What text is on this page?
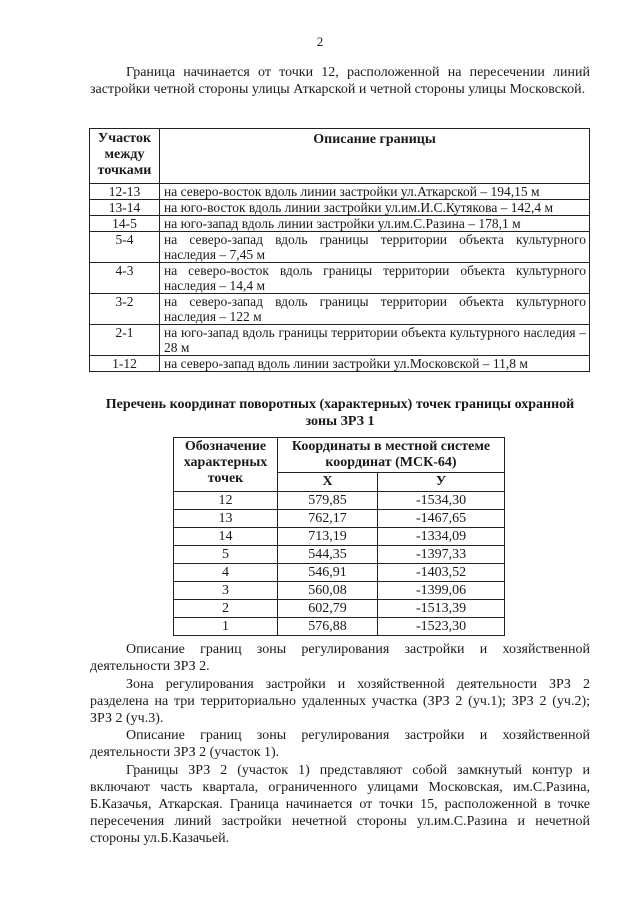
2

Граница начинается от точки 12, расположенной на пересечении линий застройки четной стороны улицы Аткарской и четной стороны улицы Московской.

Участок между точками	Описание границы
12-13	на северо-восток вдоль линии застройки ул.Аткарской – 194,15 м
13-14	на юго-восток вдоль линии застройки ул.им.И.С.Кутякова – 142,4 м
14-5	на юго-запад вдоль линии застройки ул.им.С.Разина – 178,1 м
5-4	на северо-запад вдоль границы территории объекта культурного наследия – 7,45 м
4-3	на северо-восток вдоль границы территории объекта культурного наследия – 14,4 м
3-2	на северо-запад вдоль границы территории объекта культурного наследия – 122 м
2-1	на юго-запад вдоль границы территории объекта культурного наследия – 28 м
1-12	на северо-запад вдоль линии застройки ул.Московской – 11,8 м
Перечень координат поворотных (характерных) точек границы охранной зоны ЗРЗ 1
Обозначение характерных точек	Координаты в местной системе координат (МСК-64)	
	Х	У
12	579,85	-1534,30
13	762,17	-1467,65
14	713,19	-1334,09
5	544,35	-1397,33
4	546,91	-1403,52
3	560,08	-1399,06
2	602,79	-1513,39
1	576,88	-1523,30

Описание границ зоны регулирования застройки и хозяйственной деятельности ЗРЗ 2.

Зона регулирования застройки и хозяйственной деятельности ЗРЗ 2 разделена на три территориально удаленных участка (ЗРЗ 2 (уч.1); ЗРЗ 2 (уч.2); ЗРЗ 2 (уч.3).

Описание границ зоны регулирования застройки и хозяйственной деятельности ЗРЗ 2 (участок 1).

Границы ЗРЗ 2 (участок 1) представляют собой замкнутый контур и включают часть квартала, ограниченного улицами Московская, им.С.Разина, Б.Казачья, Аткарская. Граница начинается от точки 15, расположенной в точке пересечения линий застройки нечетной стороны ул.им.С.Разина и нечетной стороны ул.Б.Казачьей.
